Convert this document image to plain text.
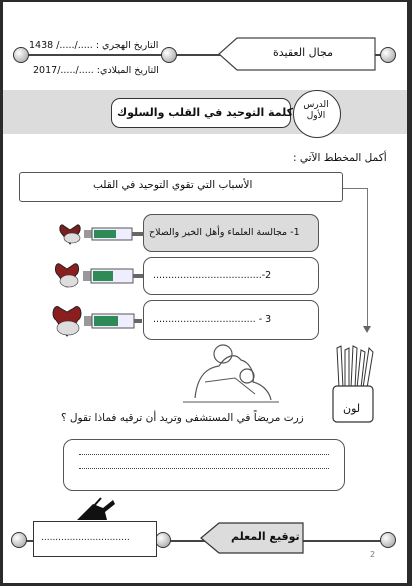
التاريخ الهجري : ...../...../ 1438
التاريخ الميلادي: ...../...../2017
مجال العقيدة
كلمة التوحيد في القلب والسلوك
الدرس الأول
أكمل المخطط الآتي :
الأسباب التي تقوي التوحيد في القلب
1- مجالسة العلماء وأهل الخير والصلاح
2-....................................
3 - ..................................
لون
زرت مريضاً في المستشفى وتريد أن ترقيه فماذا تقول ؟
...............................	توقيع المعلم
2
